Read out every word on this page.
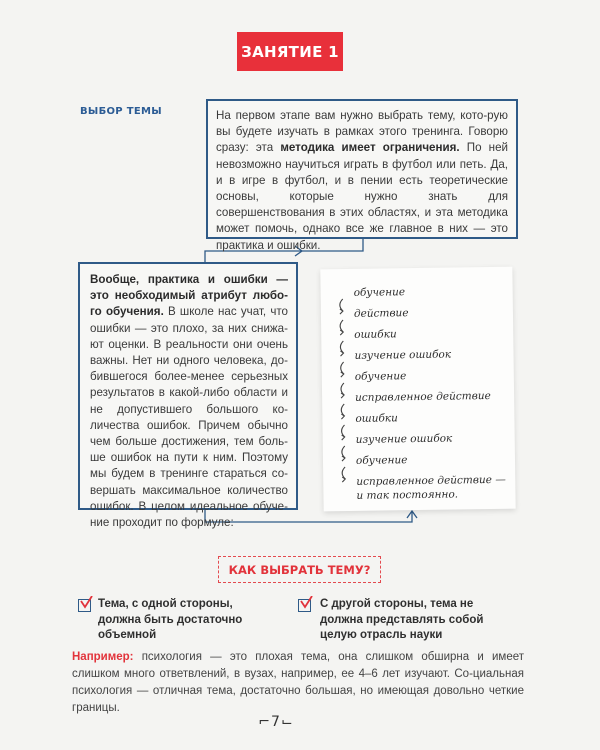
ЗАНЯТИЕ 1
ВЫБОР ТЕМЫ	На первом этапе вам нужно выбрать тему, кото-рую вы будете изучать в рамках этого тренинга. Говорю сразу: эта методика имеет ограничения. По ней невозможно научиться играть в футбол или петь. Да, и в игре в футбол, и в пении есть теоретические основы, которые нужно знать для совершенствования в этих областях, и эта методика может помочь, однако все же главное в них — это практика и ошибки.
Вообще, практика и ошибки — это необходимый атрибут любо-го обучения. В школе нас учат, что ошибки — это плохо, за них снижа-ют оценки. В реальности они очень важны. Нет ни одного человека, до-бившегося более-менее серьезных результатов в какой-либо области и не допустившего большого ко-личества ошибок. Причем обычно чем больше достижения, тем боль-ше ошибок на пути к ним. Поэтому мы будем в тренинге стараться со-вершать максимальное количество ошибок. В целом идеальное обуче-ние проходит по формуле:
обучение
действие
ошибки
изучение ошибок
обучение
исправленное действие
ошибки
изучение ошибок
обучение
исправленное действие —
и так постоянно.
КАК ВЫБРАТЬ ТЕМУ?
Тема, с одной стороны, должна быть достаточно объемной
С другой стороны, тема не должна представлять собой целую отрасль науки
Например: психология — это плохая тема, она слишком обширна и имеет слишком много ответвлений, в вузах, например, ее 4–6 лет изучают. Со-циальная психология — отличная тема, достаточно большая, но имеющая довольно четкие границы.
⌐7⌙
